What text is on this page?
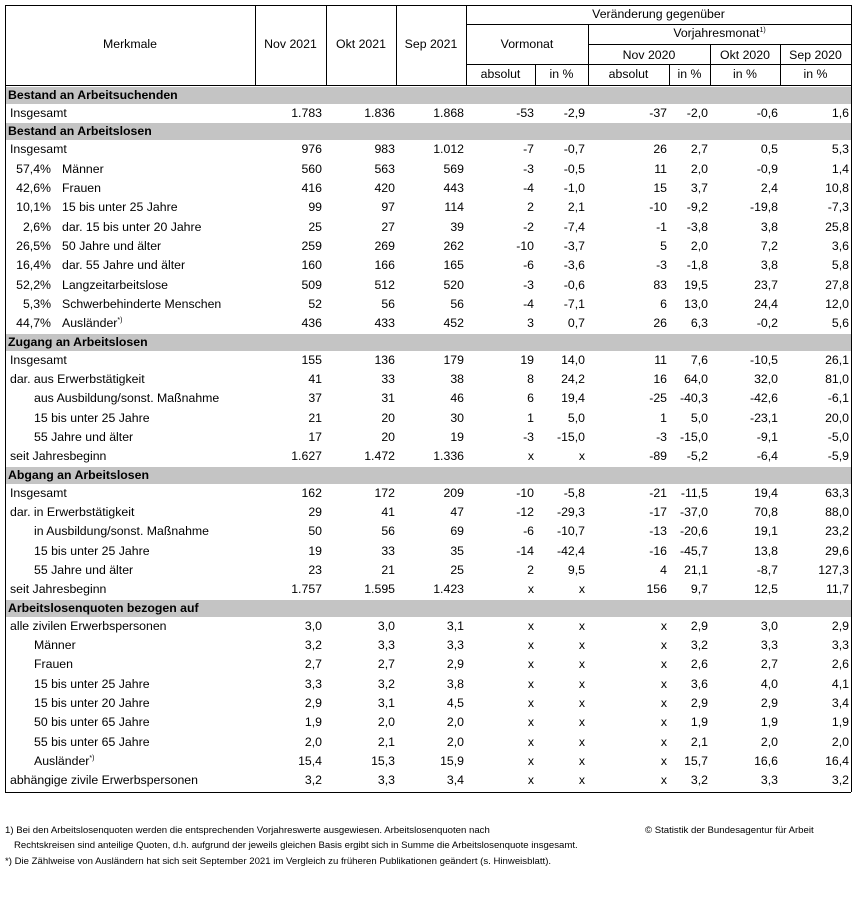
Merkmale	Nov 2021	Okt 2021	Sep 2021
Veränderung gegenüber
Vormonat
Vorjahresmonat$^{1)}$
Nov 2020	Okt 2020	Sep 2020
absolut	in %	absolut	in %	in %	in %
Bestand an Arbeitsuchenden
Insgesamt	1.783	1.836	1.868	-53	-2,9	-37	-2,0	-0,6	1,6
Bestand an Arbeitslosen
Insgesamt	976	983	1.012	-7	-0,7	26	2,7	0,5	5,3
57,4% Männer	560	563	569	-3	-0,5	11	2,0	-0,9	1,4
42,6% Frauen	416	420	443	-4	-1,0	15	3,7	2,4	10,8
10,1% 15 bis unter 25 Jahre	99	97	114	2	2,1	-10	-9,2	-19,8	-7,3
2,6% dar. 15 bis unter 20 Jahre	25	27	39	-2	-7,4	-1	-3,8	3,8	25,8
26,5% 50 Jahre und älter	259	269	262	-10	-3,7	5	2,0	7,2	3,6
16,4% dar. 55 Jahre und älter	160	166	165	-6	-3,6	-3	-1,8	3,8	5,8
52,2% Langzeitarbeitslose	509	512	520	-3	-0,6	83	19,5	23,7	27,8
5,3% Schwerbehinderte Menschen	52	56	56	-4	-7,1	6	13,0	24,4	12,0
44,7% Ausländer*)	436	433	452	3	0,7	26	6,3	-0,2	5,6
Zugang an Arbeitslosen
Insgesamt	155	136	179	19	14,0	11	7,6	-10,5	26,1
dar. aus Erwerbstätigkeit	41	33	38	8	24,2	16	64,0	32,0	81,0
aus Ausbildung/sonst. Maßnahme	37	31	46	6	19,4	-25	-40,3	-42,6	-6,1
15 bis unter 25 Jahre	21	20	30	1	5,0	1	5,0	-23,1	20,0
55 Jahre und älter	17	20	19	-3	-15,0	-3	-15,0	-9,1	-5,0
seit Jahresbeginn	1.627	1.472	1.336	x	x	-89	-5,2	-6,4	-5,9
Abgang an Arbeitslosen
Insgesamt	162	172	209	-10	-5,8	-21	-11,5	19,4	63,3
dar. in Erwerbstätigkeit	29	41	47	-12	-29,3	-17	-37,0	70,8	88,0
in Ausbildung/sonst. Maßnahme	50	56	69	-6	-10,7	-13	-20,6	19,1	23,2
15 bis unter 25 Jahre	19	33	35	-14	-42,4	-16	-45,7	13,8	29,6
55 Jahre und älter	23	21	25	2	9,5	4	21,1	-8,7	127,3
seit Jahresbeginn	1.757	1.595	1.423	x	x	156	9,7	12,5	11,7
Arbeitslosenquoten bezogen auf
alle zivilen Erwerbspersonen	3,0	3,0	3,1	x	x	x	2,9	3,0	2,9
Männer	3,2	3,3	3,3	x	x	x	3,2	3,3	3,3
Frauen	2,7	2,7	2,9	x	x	x	2,6	2,7	2,6
15 bis unter 25 Jahre	3,3	3,2	3,8	x	x	x	3,6	4,0	4,1
15 bis unter 20 Jahre	2,9	3,1	4,5	x	x	x	2,9	2,9	3,4
50 bis unter 65 Jahre	1,9	2,0	2,0	x	x	x	1,9	1,9	1,9
55 bis unter 65 Jahre	2,0	2,1	2,0	x	x	x	2,1	2,0	2,0
Ausländer*)	15,4	15,3	15,9	x	x	x	15,7	16,6	16,4
abhängige zivile Erwerbspersonen	3,2	3,3	3,4	x	x	x	3,2	3,3	3,2
1) Bei den Arbeitslosenquoten werden die entsprechenden Vorjahreswerte ausgewiesen. Arbeitslosenquoten nach
Rechtskreisen sind anteilige Quoten, d.h. aufgrund der jeweils gleichen Basis ergibt sich in Summe die Arbeitslosenquote insgesamt.
© Statistik der Bundesagentur für Arbeit
*) Die Zählweise von Ausländern hat sich seit September 2021 im Vergleich zu früheren Publikationen geändert (s. Hinweisblatt).
